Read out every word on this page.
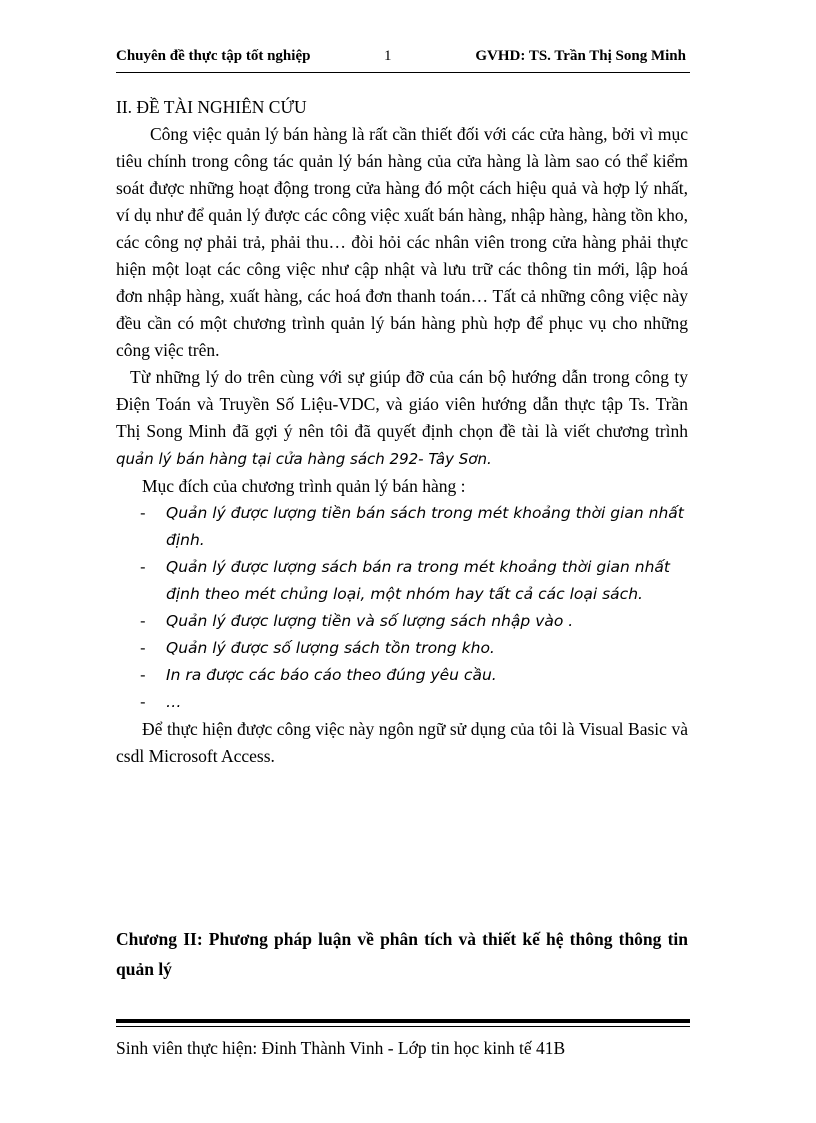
Chuyên đề thực tập tốt nghiệp	1	GVHD: TS. Trần Thị Song Minh
II. ĐỀ TÀI NGHIÊN CỨU

Công việc quản lý bán hàng là rất cần thiết đối với các cửa hàng, bởi vì mục tiêu chính trong công tác quản lý bán hàng của cửa hàng là làm sao có thể kiểm soát được những hoạt động trong cửa hàng đó một cách hiệu quả và hợp lý nhất, ví dụ như để quản lý được các công việc xuất bán hàng, nhập hàng, hàng tồn kho, các công nợ phải trả, phải thu… đòi hỏi các nhân viên trong cửa hàng phải thực hiện một loạt các công việc như cập nhật và lưu trữ các thông tin mới, lập hoá đơn nhập hàng, xuất hàng, các hoá đơn thanh toán… Tất cả những công việc này đều cần có một chương trình quản lý bán hàng phù hợp để phục vụ cho những công việc trên.

Từ những lý do trên cùng với sự giúp đỡ của cán bộ hướng dẫn trong công ty Điện Toán và Truyền Số Liệu-VDC, và giáo viên hướng dẫn thực tập Ts. Trần Thị Song Minh đã gợi ý nên tôi đã quyết định chọn đề tài là viết chương trình quản lý bán hàng tại cửa hàng sách 292- Tây Sơn.

Mục đích của chương trình quản lý bán hàng :

- Quản lý được lượng tiền bán sách trong mét khoảng thời gian nhất định.
- Quản lý được lượng sách bán ra trong mét khoảng thời gian nhất định theo mét chủng loại, một nhóm hay tất cả các loại sách.
- Quản lý được lượng tiền và số lượng sách nhập vào .
- Quản lý được số lượng sách tồn trong kho.
- In ra được các báo cáo theo đúng yêu cầu.
- …

Để thực hiện được công việc này ngôn ngữ sử dụng của tôi là Visual Basic và csdl Microsoft Access.

Chương II: Phương pháp luận về phân tích và thiết kế hệ thông thông tin quản lý
Sinh viên thực hiện: Đinh Thành Vinh - Lớp tin học kinh tế 41B
